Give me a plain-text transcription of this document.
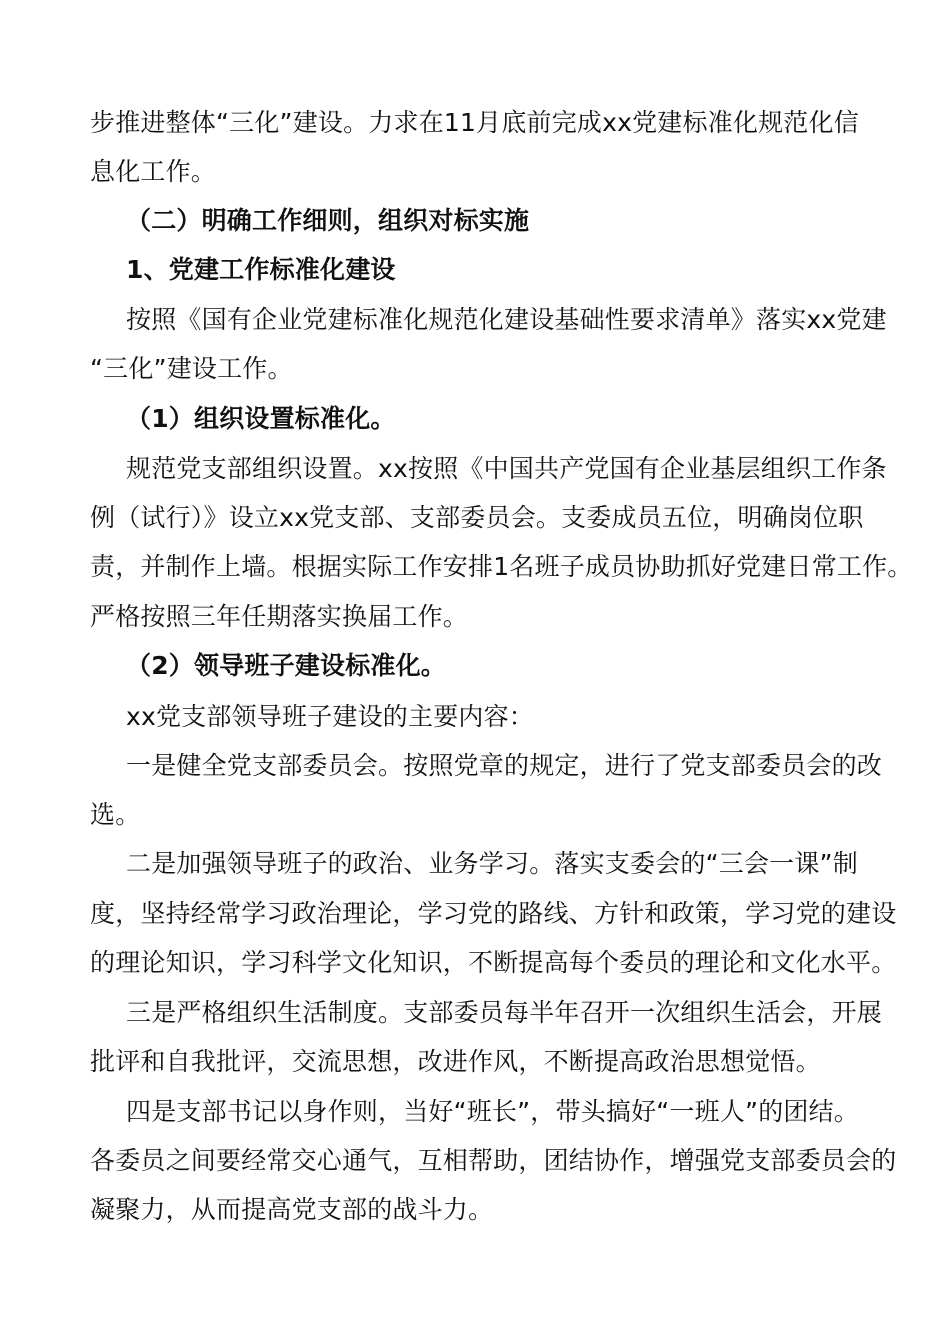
步推进整体“三化”建设。力求在11月底前完成xx党建标准化规范化信
息化工作。
（二）明确工作细则，组织对标实施
1、党建工作标准化建设
按照《国有企业党建标准化规范化建设基础性要求清单》落实xx党建
“三化”建设工作。
（1）组织设置标准化。
规范党支部组织设置。xx按照《中国共产党国有企业基层组织工作条
例（试行）》设立xx党支部、支部委员会。支委成员五位，明确岗位职
责，并制作上墙。根据实际工作安排1名班子成员协助抓好党建日常工作。
严格按照三年任期落实换届工作。
（2）领导班子建设标准化。
xx党支部领导班子建设的主要内容：
一是健全党支部委员会。按照党章的规定，进行了党支部委员会的改
选。
二是加强领导班子的政治、业务学习。落实支委会的“三会一课”制
度，坚持经常学习政治理论，学习党的路线、方针和政策，学习党的建设
的理论知识，学习科学文化知识，不断提高每个委员的理论和文化水平。
三是严格组织生活制度。支部委员每半年召开一次组织生活会，开展
批评和自我批评，交流思想，改进作风，不断提高政治思想觉悟。
四是支部书记以身作则，当好“班长”，带头搞好“一班人”的团结。
各委员之间要经常交心通气，互相帮助，团结协作，增强党支部委员会的
凝聚力，从而提高党支部的战斗力。
